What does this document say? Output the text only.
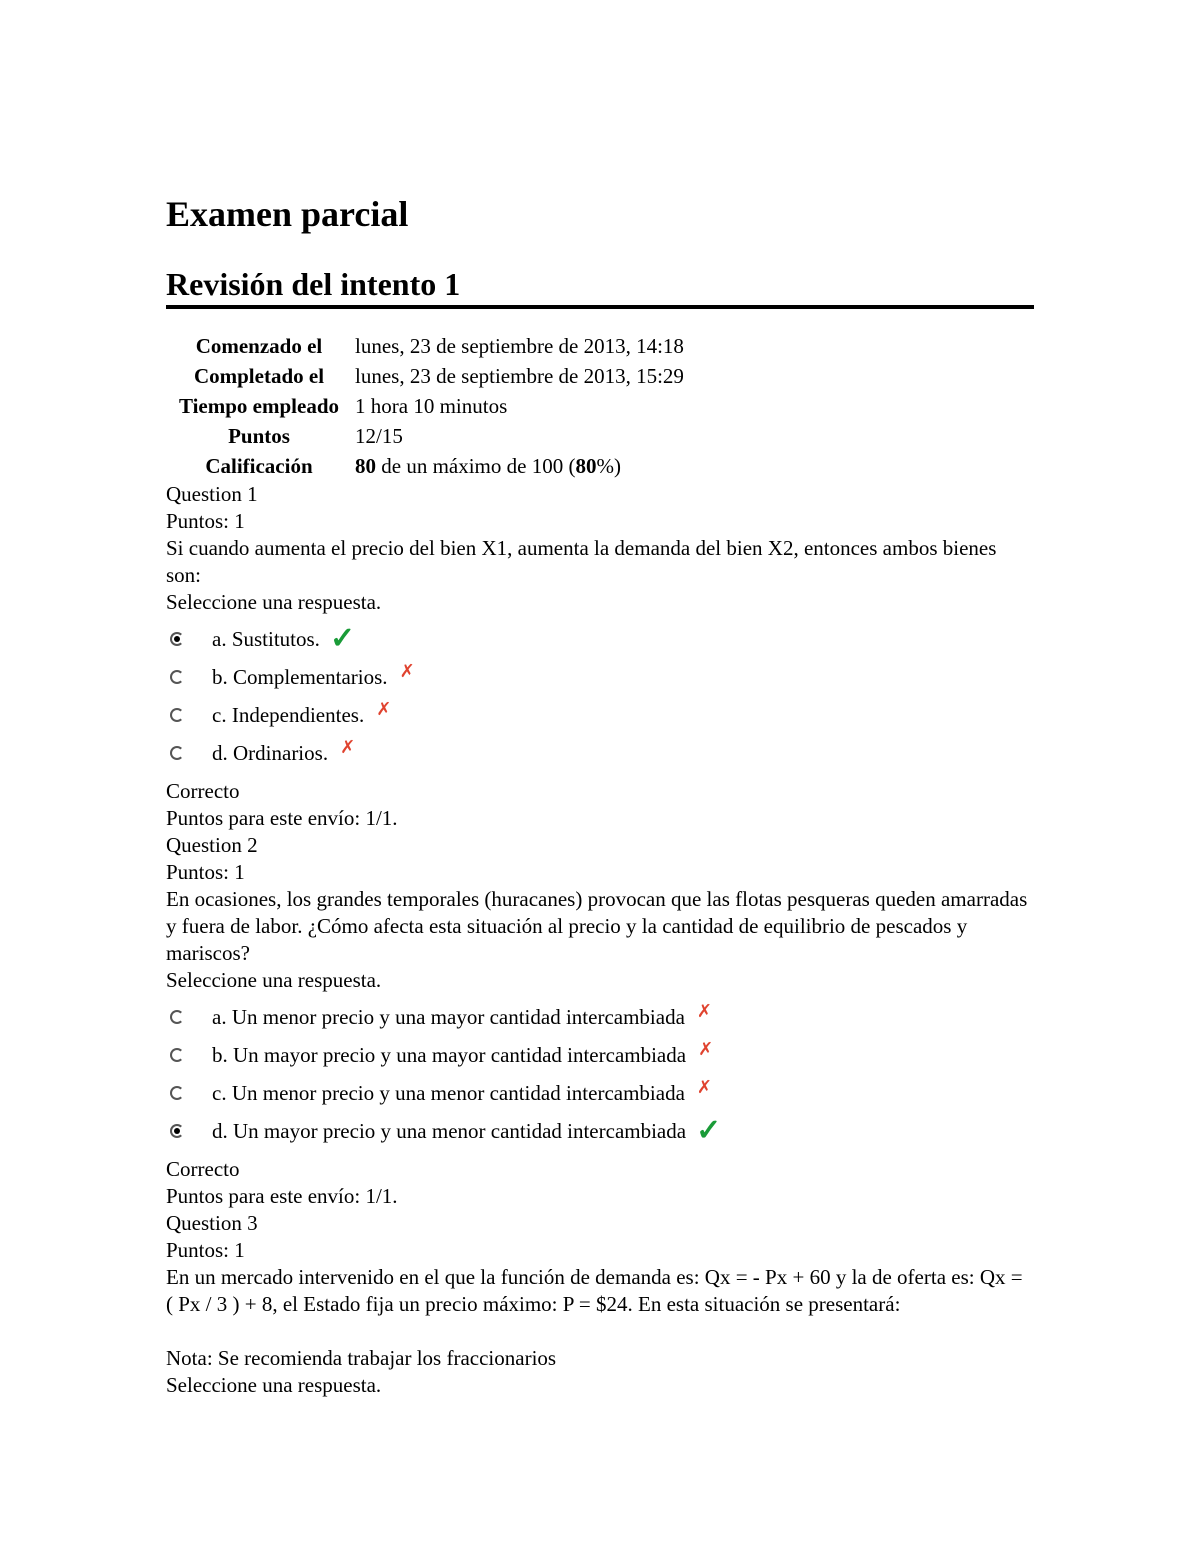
Examen parcial
Revisión del intento 1
Comenzado el	lunes, 23 de septiembre de 2013, 14:18
Completado el	lunes, 23 de septiembre de 2013, 15:29
Tiempo empleado	1 hora 10 minutos
Puntos	12/15
Calificación	80 de un máximo de 100 (80%)
Question 1
Puntos: 1
Si cuando aumenta el precio del bien X1, aumenta la demanda del bien X2, entonces ambos bienes son:
Seleccione una respuesta.
a. Sustitutos. ✓
b. Complementarios. ✗
c. Independientes. ✗
d. Ordinarios. ✗
Correcto
Puntos para este envío: 1/1.
Question 2
Puntos: 1
En ocasiones, los grandes temporales (huracanes) provocan que las flotas pesqueras queden amarradas y fuera de labor. ¿Cómo afecta esta situación al precio y la cantidad de equilibrio de pescados y mariscos?
Seleccione una respuesta.
a. Un menor precio y una mayor cantidad intercambiada ✗
b. Un mayor precio y una mayor cantidad intercambiada ✗
c. Un menor precio y una menor cantidad intercambiada ✗
d. Un mayor precio y una menor cantidad intercambiada ✓
Correcto
Puntos para este envío: 1/1.
Question 3
Puntos: 1
En un mercado intervenido en el que la función de demanda es: Qx = - Px + 60 y la de oferta es: Qx = ( Px / 3 ) + 8, el Estado fija un precio máximo: P = $24. En esta situación se presentará:
Nota: Se recomienda trabajar los fraccionarios
Seleccione una respuesta.
